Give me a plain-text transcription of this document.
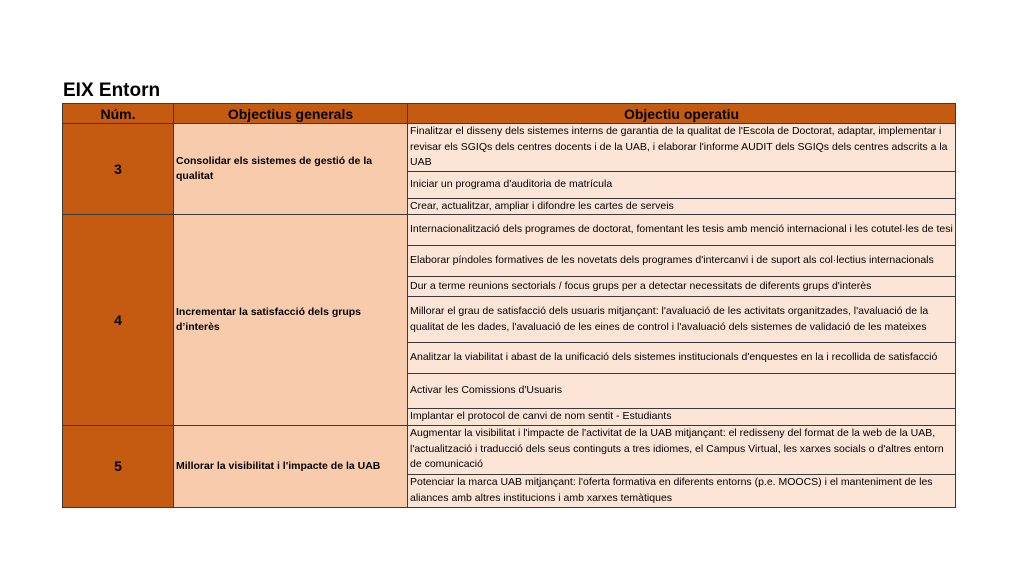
EIX Entorn
Núm.	Objectius generals	Objectiu operatiu
3	Consolidar els sistemes de gestió de la qualitat	Finalitzar el disseny dels sistemes interns de garantia de la qualitat de l'Escola de Doctorat, adaptar, implementar i revisar els SGIQs dels centres docents i de la UAB, i elaborar l'informe AUDIT dels SGIQs dels centres adscrits a la UAB
		Iniciar un programa d'auditoria de matrícula
		Crear, actualitzar, ampliar i difondre les cartes de serveis
4	Incrementar la satisfacció dels grups d’interès	Internacionalització dels programes de doctorat, fomentant les tesis amb menció internacional i les cotutel·les de tesi
		Elaborar píndoles formatives de les novetats dels programes d'intercanvi i de suport als col·lectius internacionals
		Dur a terme reunions sectorials / focus grups per a detectar necessitats de diferents grups d'interès
		Millorar el grau de satisfacció dels usuaris mitjançant: l'avaluació de les activitats organitzades, l'avaluació de la qualitat de les dades, l'avaluació de les eines de control i l'avaluació dels sistemes de validació de les mateixes
		Analitzar la viabilitat i abast de la unificació dels sistemes institucionals d'enquestes en la i recollida de satisfacció
		Activar les Comissions d'Usuaris
		Implantar el protocol de canvi de nom sentit - Estudiants
5	Millorar la visibilitat i l'impacte de la UAB	Augmentar la visibilitat i l'impacte de l'activitat de la UAB mitjançant: el redisseny del format de la web de la UAB, l'actualització i traducció dels seus continguts a tres idiomes, el Campus Virtual, les xarxes socials o d'altres entorn de comunicació
		Potenciar la marca UAB mitjançant: l'oferta formativa en diferents entorns (p.e. MOOCS) i el manteniment de les aliances amb altres institucions i amb xarxes temàtiques
